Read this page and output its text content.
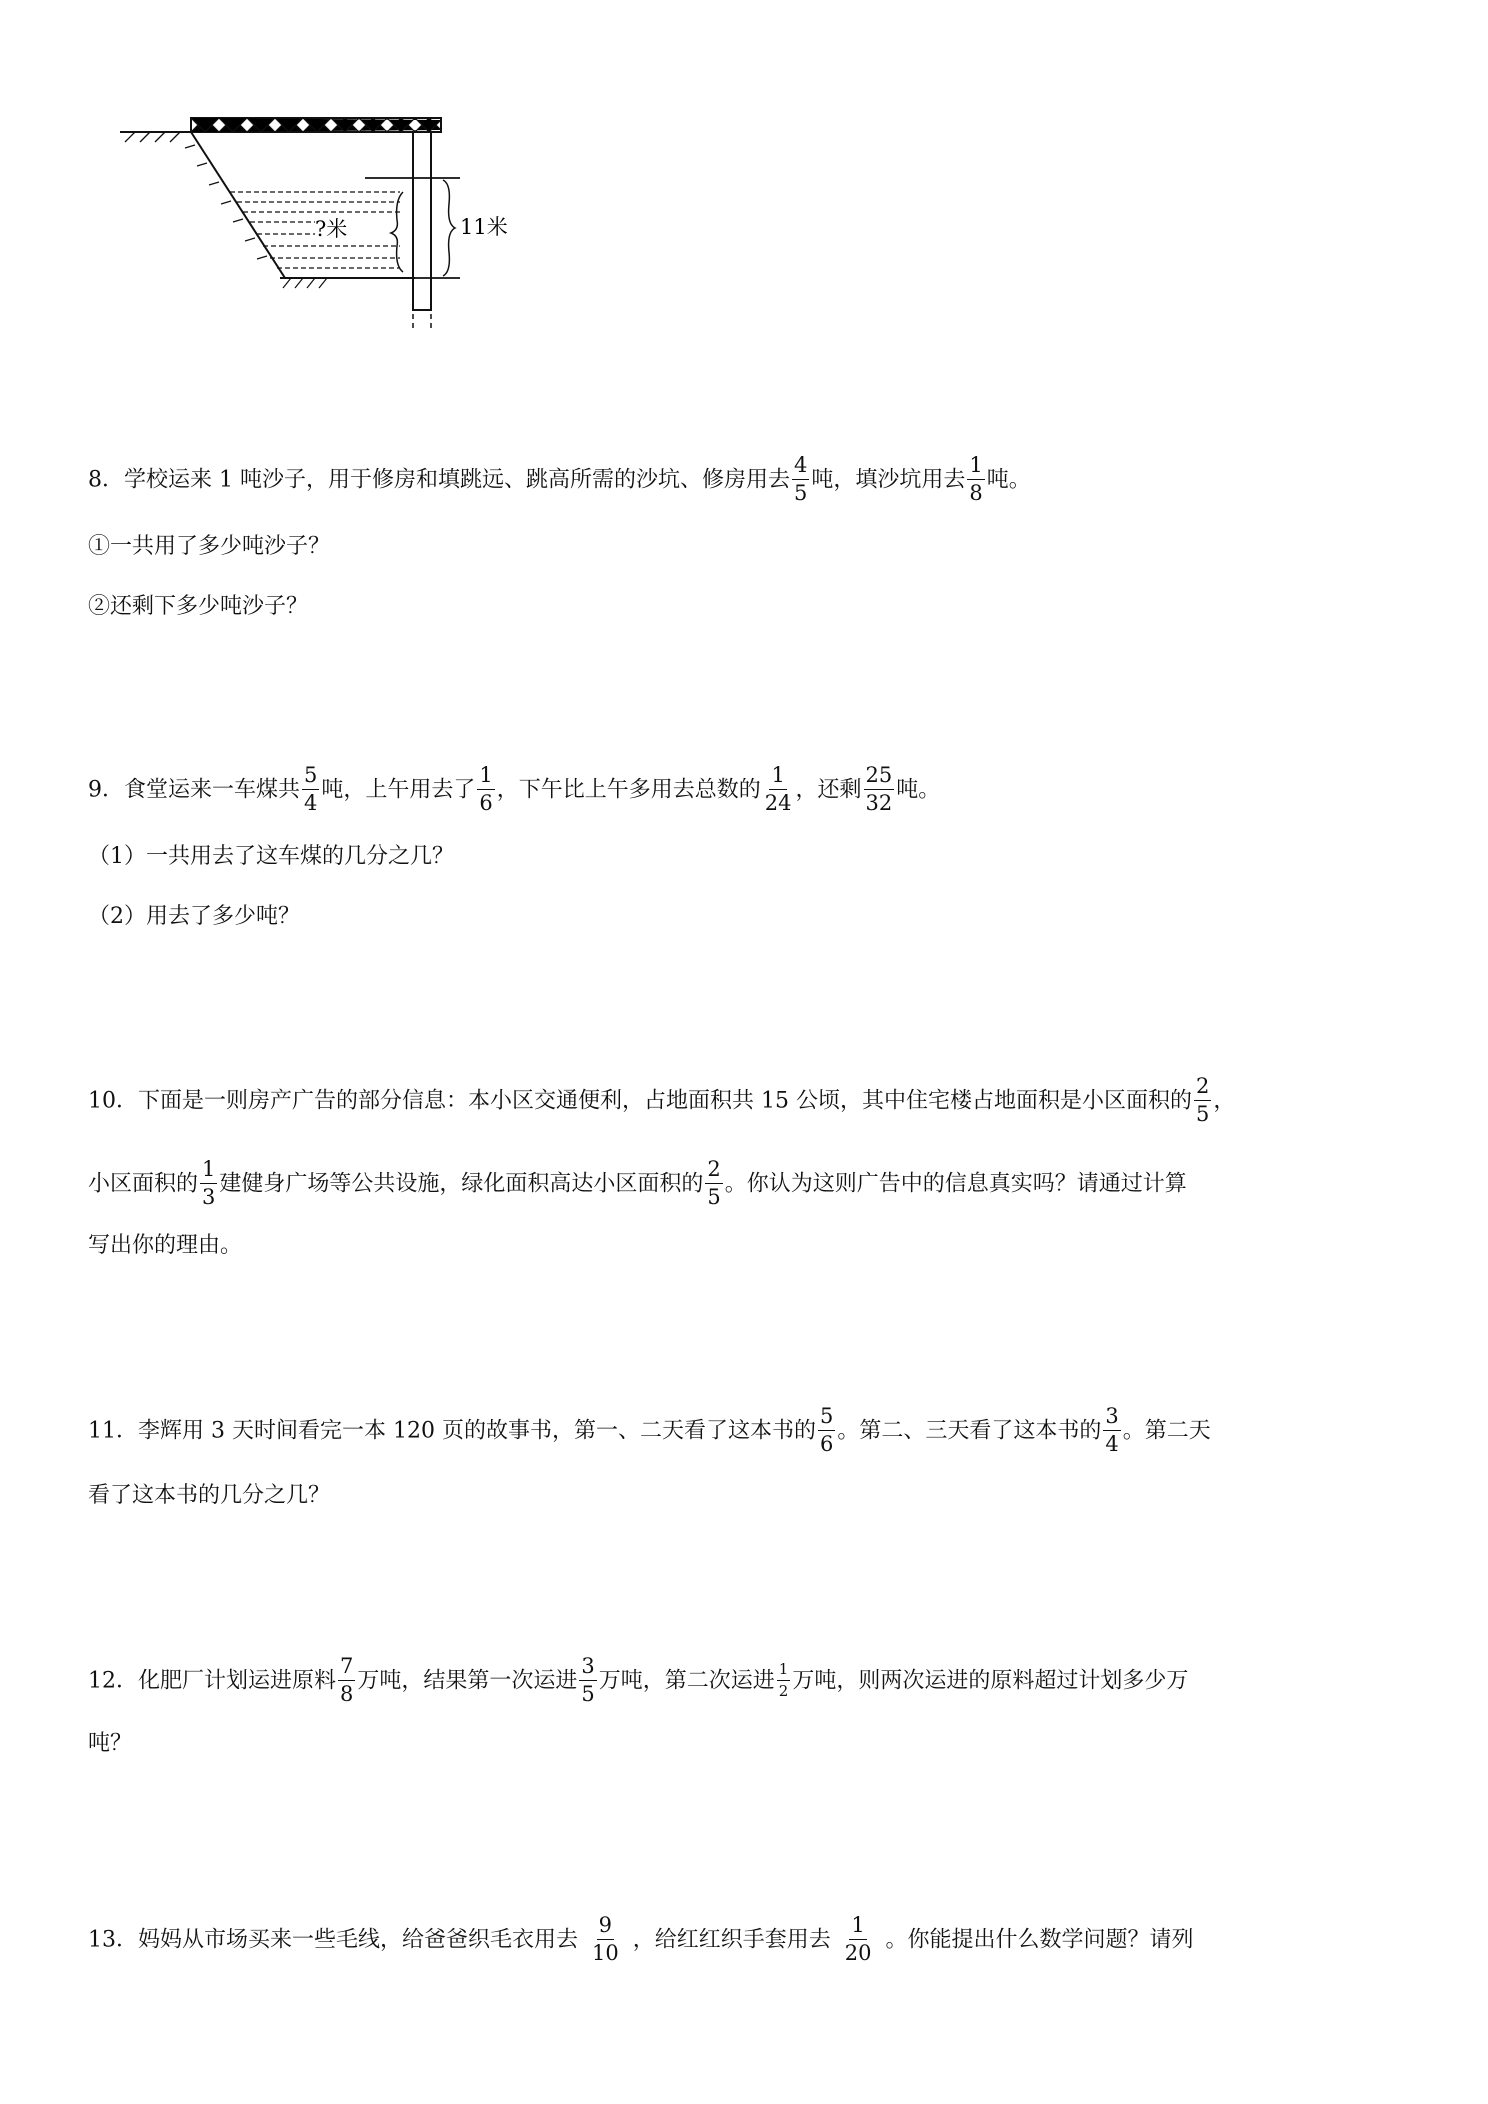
?米	11米
8．学校运来 1 吨沙子，用于修房和填跳远、跳高所需的沙坑、修房用去 $\frac{4}{5}$ 吨，填沙坑用去 $\frac{1}{8}$ 吨。
①一共用了多少吨沙子？
②还剩下多少吨沙子？
9．食堂运来一车煤共 $\frac{5}{4}$ 吨，上午用去了 $\frac{1}{6}$ ，下午比上午多用去总数的 $\frac{1}{24}$ ，还剩 $\frac{25}{32}$ 吨。
（1）一共用去了这车煤的几分之几？
（2）用去了多少吨？
10．下面是一则房产广告的部分信息：本小区交通便利，占地面积共 15 公顷，其中住宅楼占地面积是小区面积的 $\frac{2}{5}$ ，
小区面积的 $\frac{1}{3}$ 建健身广场等公共设施，绿化面积高达小区面积的 $\frac{2}{5}$ 。你认为这则广告中的信息真实吗？请通过计算
写出你的理由。
11．李辉用 3 天时间看完一本 120 页的故事书，第一、二天看了这本书的 $\frac{5}{6}$ 。第二、三天看了这本书的 $\frac{3}{4}$ 。第二天
看了这本书的几分之几？
12．化肥厂计划运进原料 $\frac{7}{8}$ 万吨，结果第一次运进 $\frac{3}{5}$ 万吨，第二次运进 $\frac{1}{2}$ 万吨，则两次运进的原料超过计划多少万
吨？
13．妈妈从市场买来一些毛线，给爸爸织毛衣用去 $\frac{9}{10}$ ，给红红织手套用去 $\frac{1}{20}$ 。你能提出什么数学问题？请列
